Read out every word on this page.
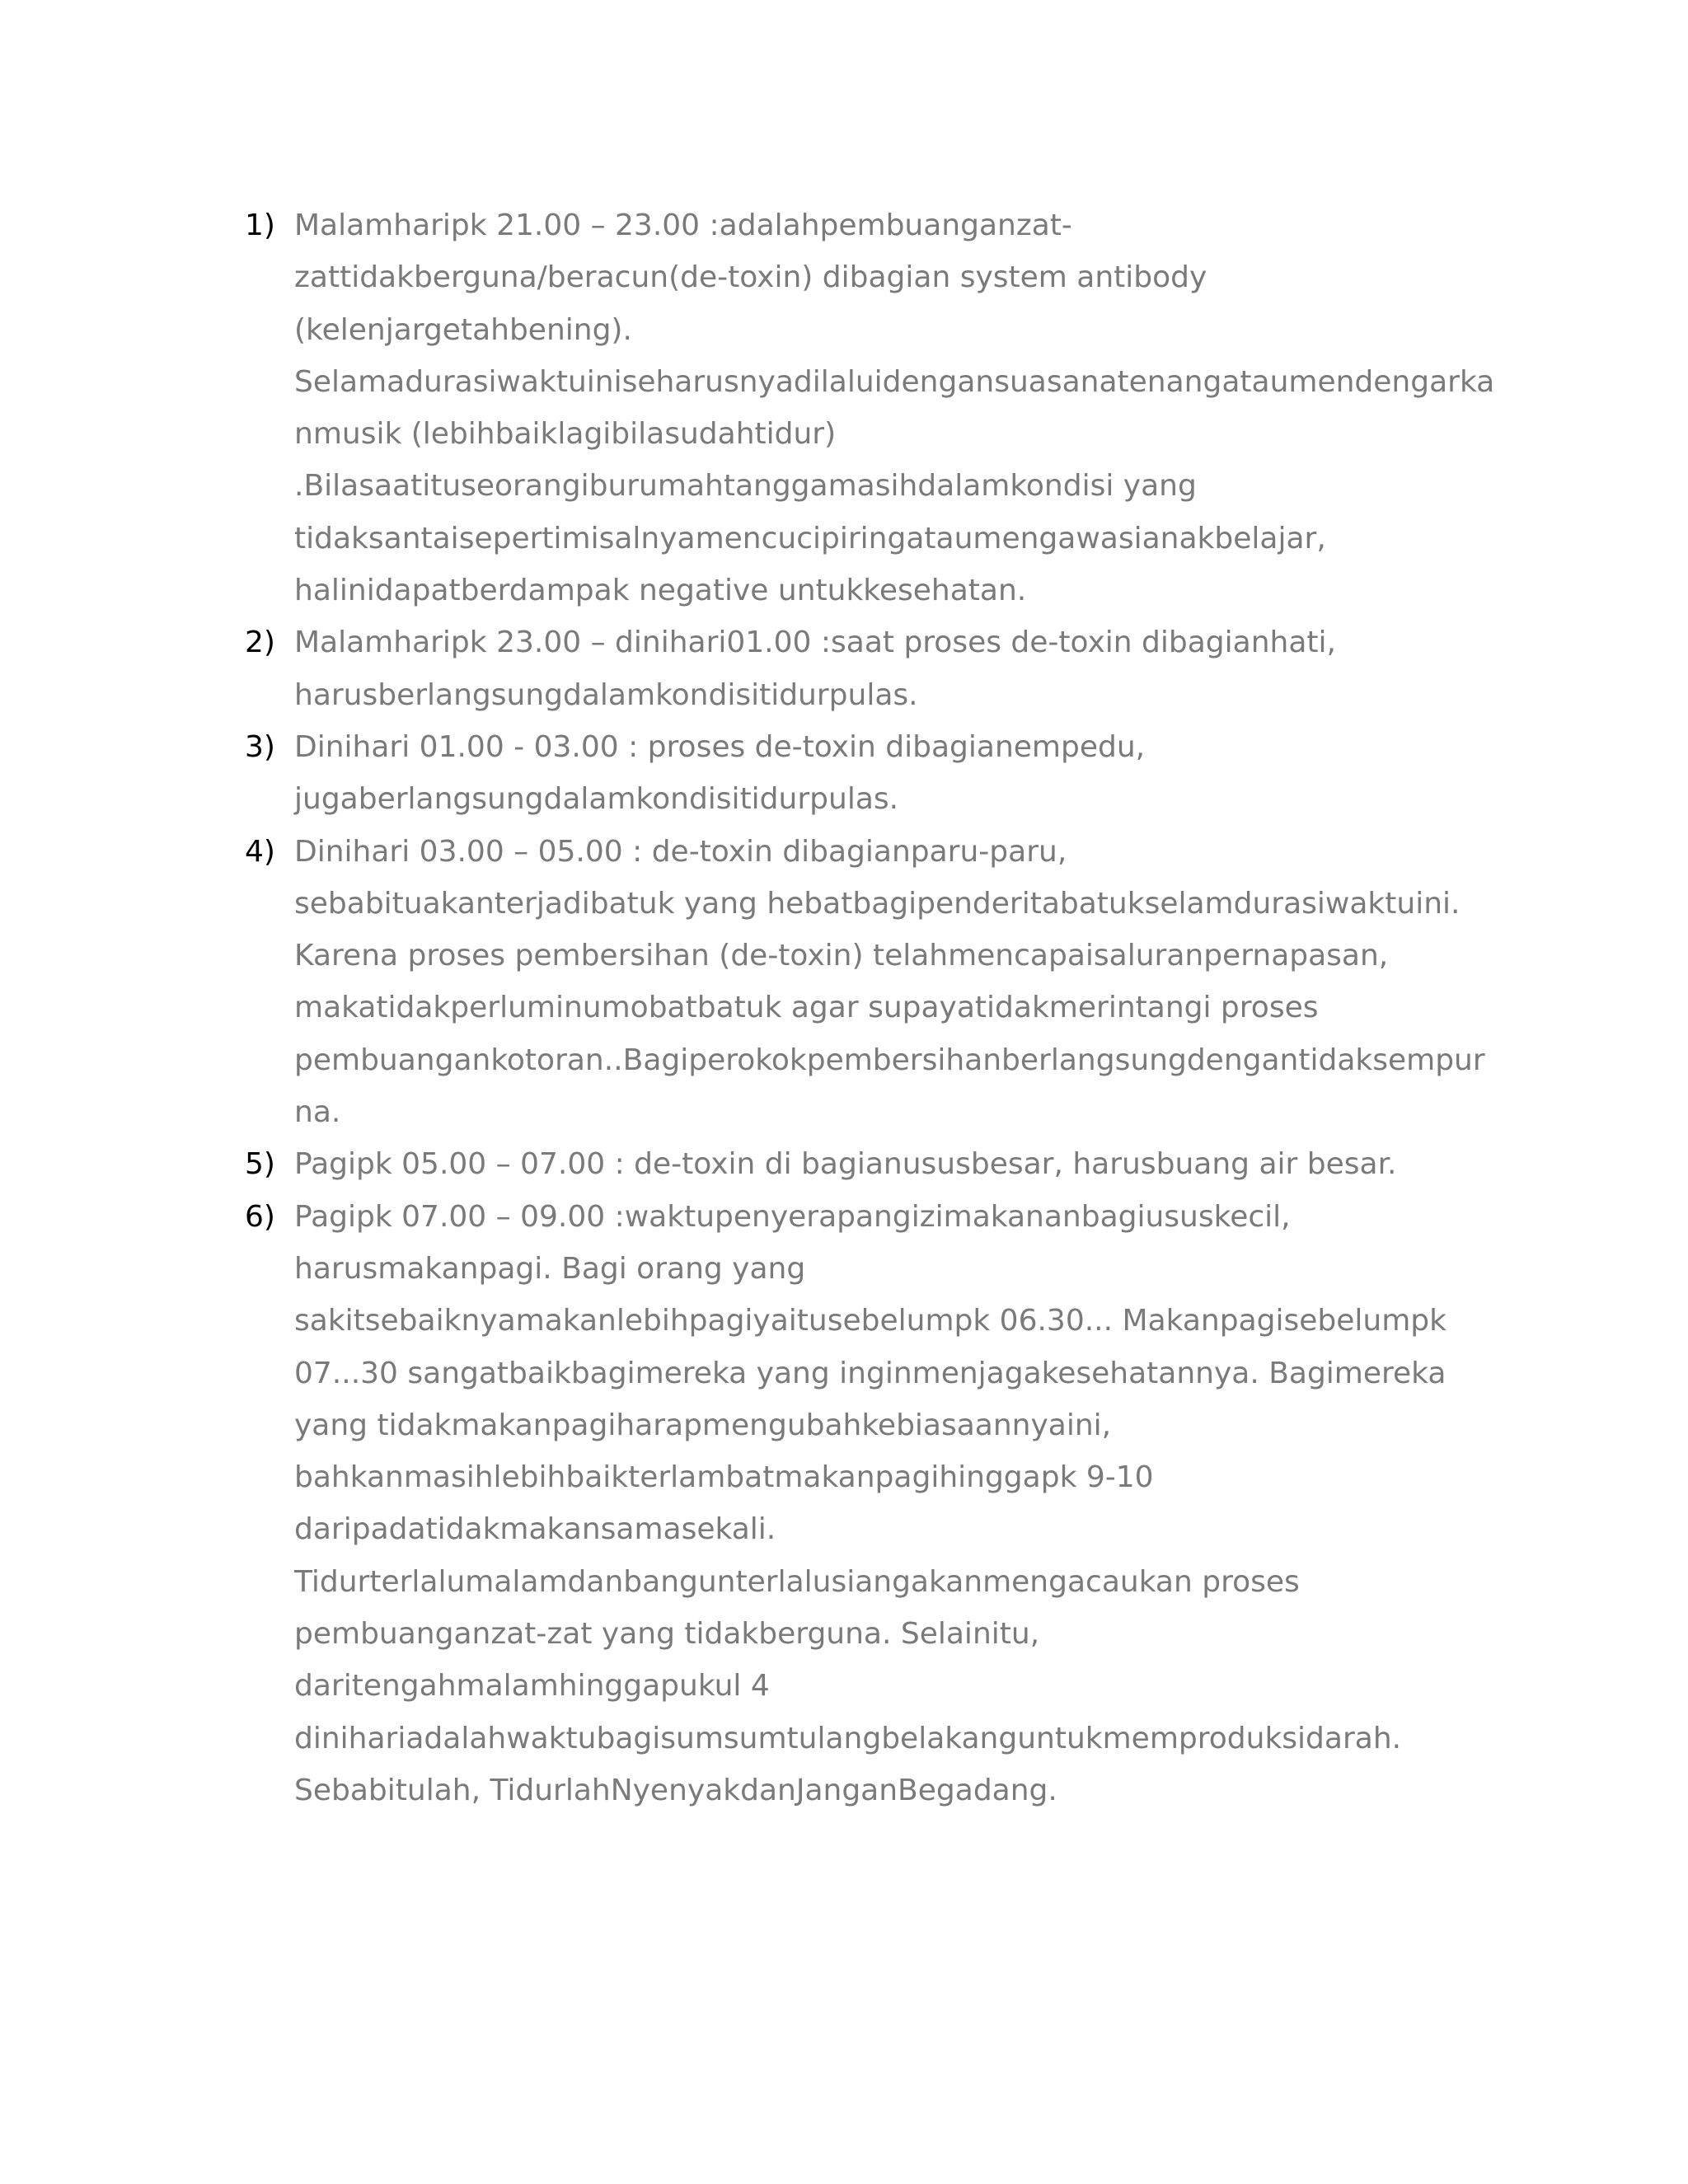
1) Malamharipk 21.00 – 23.00 :adalahpembuanganzat-
zattidakberguna/beracun(de-toxin) dibagian system antibody
(kelenjargetahbening).
Selamadurasiwaktuiniseharusnyadilaluidengansuasanatenangataumendengarka
nmusik (lebihbaiklagibilasudahtidur)
.Bilasaatituseorangiburumahtanggamasihdalamkondisi yang
tidaksantaisepertimisalnyamencucipiringataumengawasianakbelajar,
halinidapatberdampak negative untukkesehatan.
2) Malamharipk 23.00 – dinihari01.00 :saat proses de-toxin dibagianhati,
harusberlangsungdalamkondisitidurpulas.
3) Dinihari 01.00 - 03.00 : proses de-toxin dibagianempedu,
jugaberlangsungdalamkondisitidurpulas.
4) Dinihari 03.00 – 05.00 : de-toxin dibagianparu-paru,
sebabituakanterjadibatuk yang hebatbagipenderitabatukselamdurasiwaktuini.
Karena proses pembersihan (de-toxin) telahmencapaisaluranpernapasan,
makatidakperluminumobatbatuk agar supayatidakmerintangi proses
pembuangankotoran..Bagiperokokpembersihanberlangsungdengantidaksempur
na.
5) Pagipk 05.00 – 07.00 : de-toxin di bagianususbesar, harusbuang air besar.
6) Pagipk 07.00 – 09.00 :waktupenyerapangizimakananbagiususkecil,
harusmakanpagi. Bagi orang yang
sakitsebaiknyamakanlebihpagiyaitusebelumpk 06.30... Makanpagisebelumpk
07...30 sangatbaikbagimereka yang inginmenjagakesehatannya. Bagimereka
yang tidakmakanpagiharapmengubahkebiasaannyaini,
bahkanmasihlebihbaikterlambatmakanpagihinggapk 9-10
daripadatidakmakansamasekali.
Tidurterlalumalamdanbangunterlalusiangakanmengacaukan proses
pembuanganzat-zat yang tidakberguna. Selainitu,
daritengahmalamhinggapukul 4
dinihariadalahwaktubagisumsumtulangbelakanguntukmemproduksidarah.
Sebabitulah, TidurlahNyenyakdanJanganBegadang.
